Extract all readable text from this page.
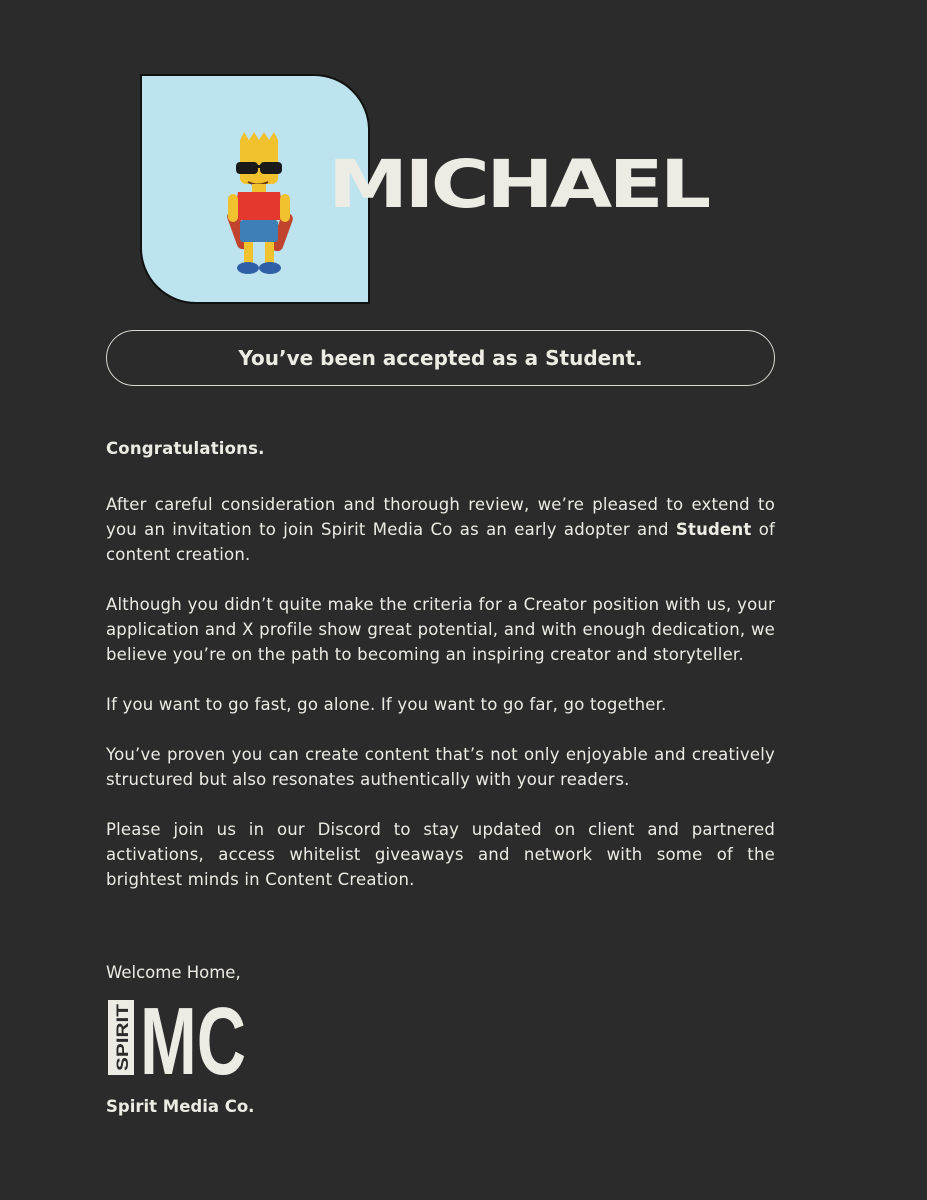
MICHAEL
You’ve been accepted as a Student.
Congratulations.

After careful consideration and thorough review, we’re pleased to extend to you an invitation to join Spirit Media Co as an early adopter and Student of content creation.

Although you didn’t quite make the criteria for a Creator position with us, your application and X profile show great potential, and with enough dedication, we believe you’re on the path to becoming an inspiring creator and storyteller.

If you want to go fast, go alone. If you want to go far, go together.

You’ve proven you can create content that’s not only enjoyable and creatively structured but also resonates authentically with your readers.

Please join us in our Discord to stay updated on client and partnered activations, access whitelist giveaways and network with some of the brightest minds in Content Creation.

Welcome Home,
SPIRIT MC
Spirit Media Co.
